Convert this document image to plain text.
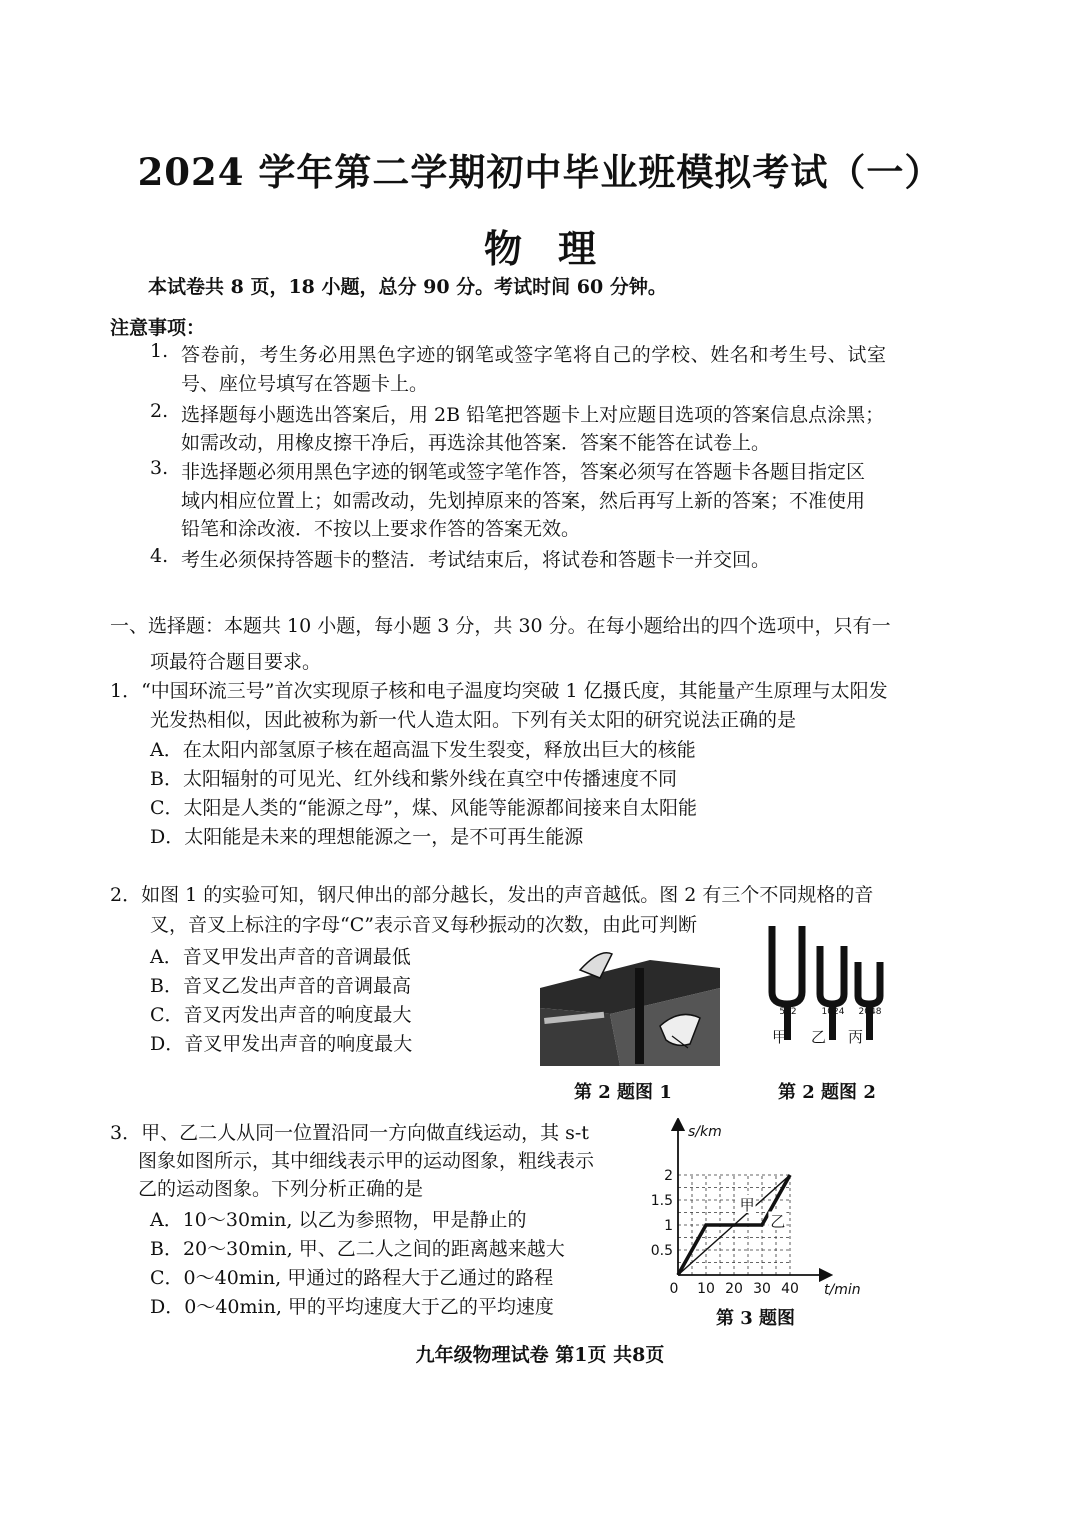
2024 学年第二学期初中毕业班模拟考试（一）
物理
本试卷共 8 页，18 小题，总分 90 分。考试时间 60 分钟。
注意事项：
1. 答卷前，考生务必用黑色字迹的钢笔或签字笔将自己的学校、姓名和考生号、试室
号、座位号填写在答题卡上。
2. 选择题每小题选出答案后，用 2B 铅笔把答题卡上对应题目选项的答案信息点涂黑；
如需改动，用橡皮擦干净后，再选涂其他答案．答案不能答在试卷上。
3. 非选择题必须用黑色字迹的钢笔或签字笔作答，答案必须写在答题卡各题目指定区
域内相应位置上；如需改动，先划掉原来的答案，然后再写上新的答案；不准使用
铅笔和涂改液．不按以上要求作答的答案无效。
4. 考生必须保持答题卡的整洁．考试结束后，将试卷和答题卡一并交回。
一、选择题：本题共 10 小题，每小题 3 分，共 30 分。在每小题给出的四个选项中，只有一
项最符合题目要求。
1．“中国环流三号”首次实现原子核和电子温度均突破 1 亿摄氏度，其能量产生原理与太阳发
光发热相似，因此被称为新一代人造太阳。下列有关太阳的研究说法正确的是
A．在太阳内部氢原子核在超高温下发生裂变，释放出巨大的核能
B．太阳辐射的可见光、红外线和紫外线在真空中传播速度不同
C．太阳是人类的“能源之母”，煤、风能等能源都间接来自太阳能
D．太阳能是未来的理想能源之一，是不可再生能源
2．如图 1 的实验可知，钢尺伸出的部分越长，发出的声音越低。图 2 有三个不同规格的音
叉，音叉上标注的字母“C”表示音叉每秒振动的次数，由此可判断
A．音叉甲发出声音的音调最低
B．音叉乙发出声音的音调最高
C．音叉丙发出声音的响度最大
D．音叉甲发出声音的响度最大
512	1024 2048
甲 乙 丙
第 2 题图 1	第 2 题图 2
3．甲、乙二人从同一位置沿同一方向做直线运动，其 s-t
图象如图所示，其中细线表示甲的运动图象，粗线表示
乙的运动图象。下列分析正确的是
A．10～30min, 以乙为参照物，甲是静止的
B．20～30min, 甲、乙二人之间的距离越来越大
C．0～40min, 甲通过的路程大于乙通过的路程
D．0～40min, 甲的平均速度大于乙的平均速度
s/km
t/min
0 10 20 30 40
0.5
1
1.5
2
甲
乙
第 3 题图
九年级物理试卷 第1页 共8页
